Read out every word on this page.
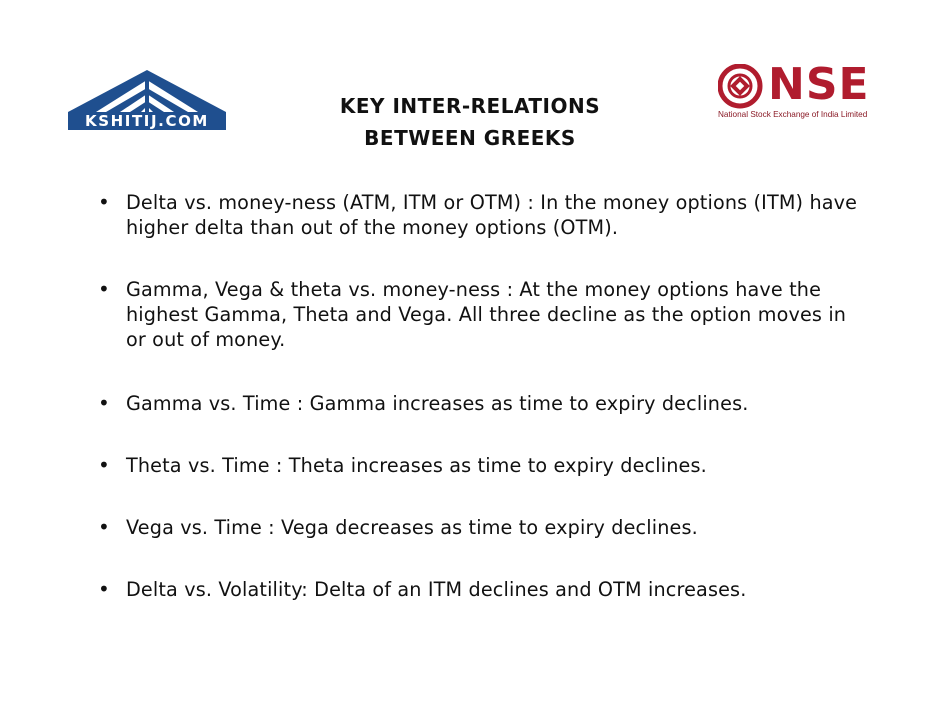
KSHITIJ.COM
KEY INTER-RELATIONS
BETWEEN GREEKS
NSE
National Stock Exchange of India Limited
• Delta vs. money-ness (ATM, ITM or OTM) : In the money options (ITM) have higher delta than out of the money options (OTM).
• Gamma, Vega & theta vs. money-ness : At the money options have the highest Gamma, Theta and Vega. All three decline as the option moves in or out of money.
• Gamma vs. Time : Gamma increases as time to expiry declines.
• Theta vs. Time : Theta increases as time to expiry declines.
• Vega vs. Time : Vega decreases as time to expiry declines.
• Delta vs. Volatility: Delta of an ITM declines and OTM increases.
